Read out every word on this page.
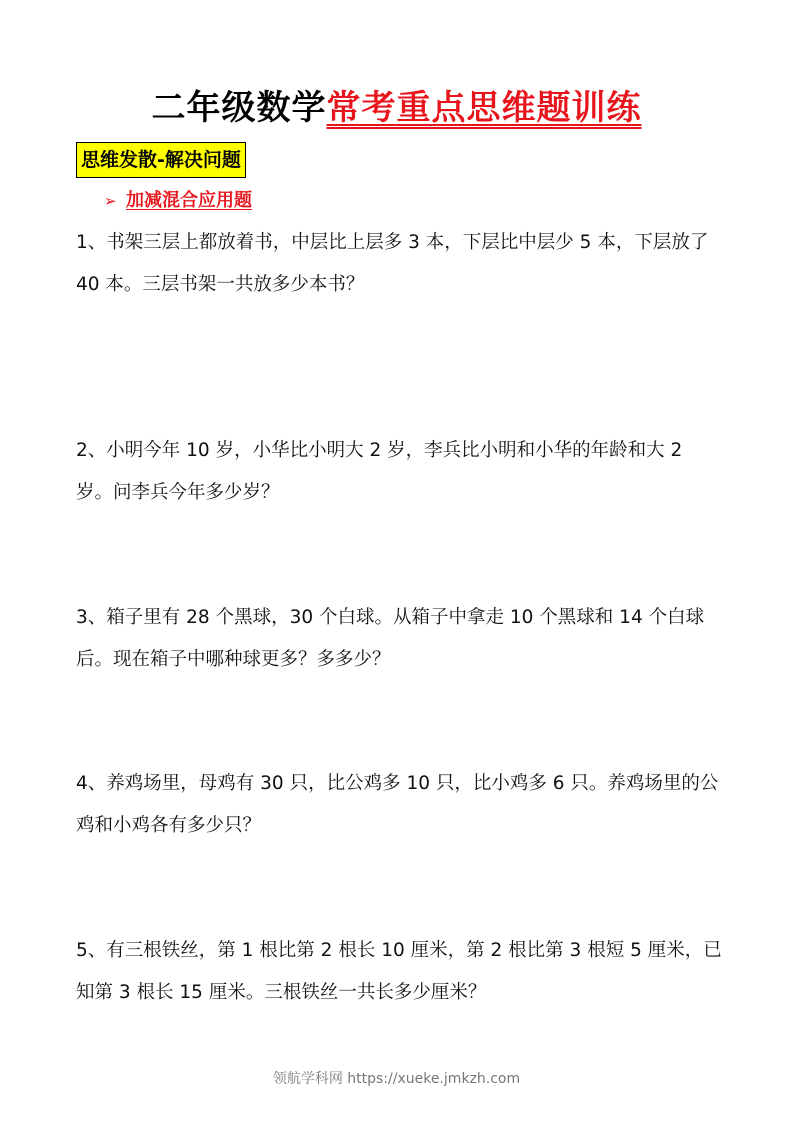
二年级数学常考重点思维题训练
思维发散-解决问题
➢ 加减混合应用题
1、书架三层上都放着书，中层比上层多 3 本，下层比中层少 5 本，下层放了 40 本。三层书架一共放多少本书？
2、小明今年 10 岁，小华比小明大 2 岁，李兵比小明和小华的年龄和大 2 岁。问李兵今年多少岁？
3、箱子里有 28 个黑球，30 个白球。从箱子中拿走 10 个黑球和 14 个白球后。现在箱子中哪种球更多？多多少？
4、养鸡场里，母鸡有 30 只，比公鸡多 10 只，比小鸡多 6 只。养鸡场里的公鸡和小鸡各有多少只？
5、有三根铁丝，第 1 根比第 2 根长 10 厘米，第 2 根比第 3 根短 5 厘米，已知第 3 根长 15 厘米。三根铁丝一共长多少厘米？
领航学科网 https://xueke.jmkzh.com
